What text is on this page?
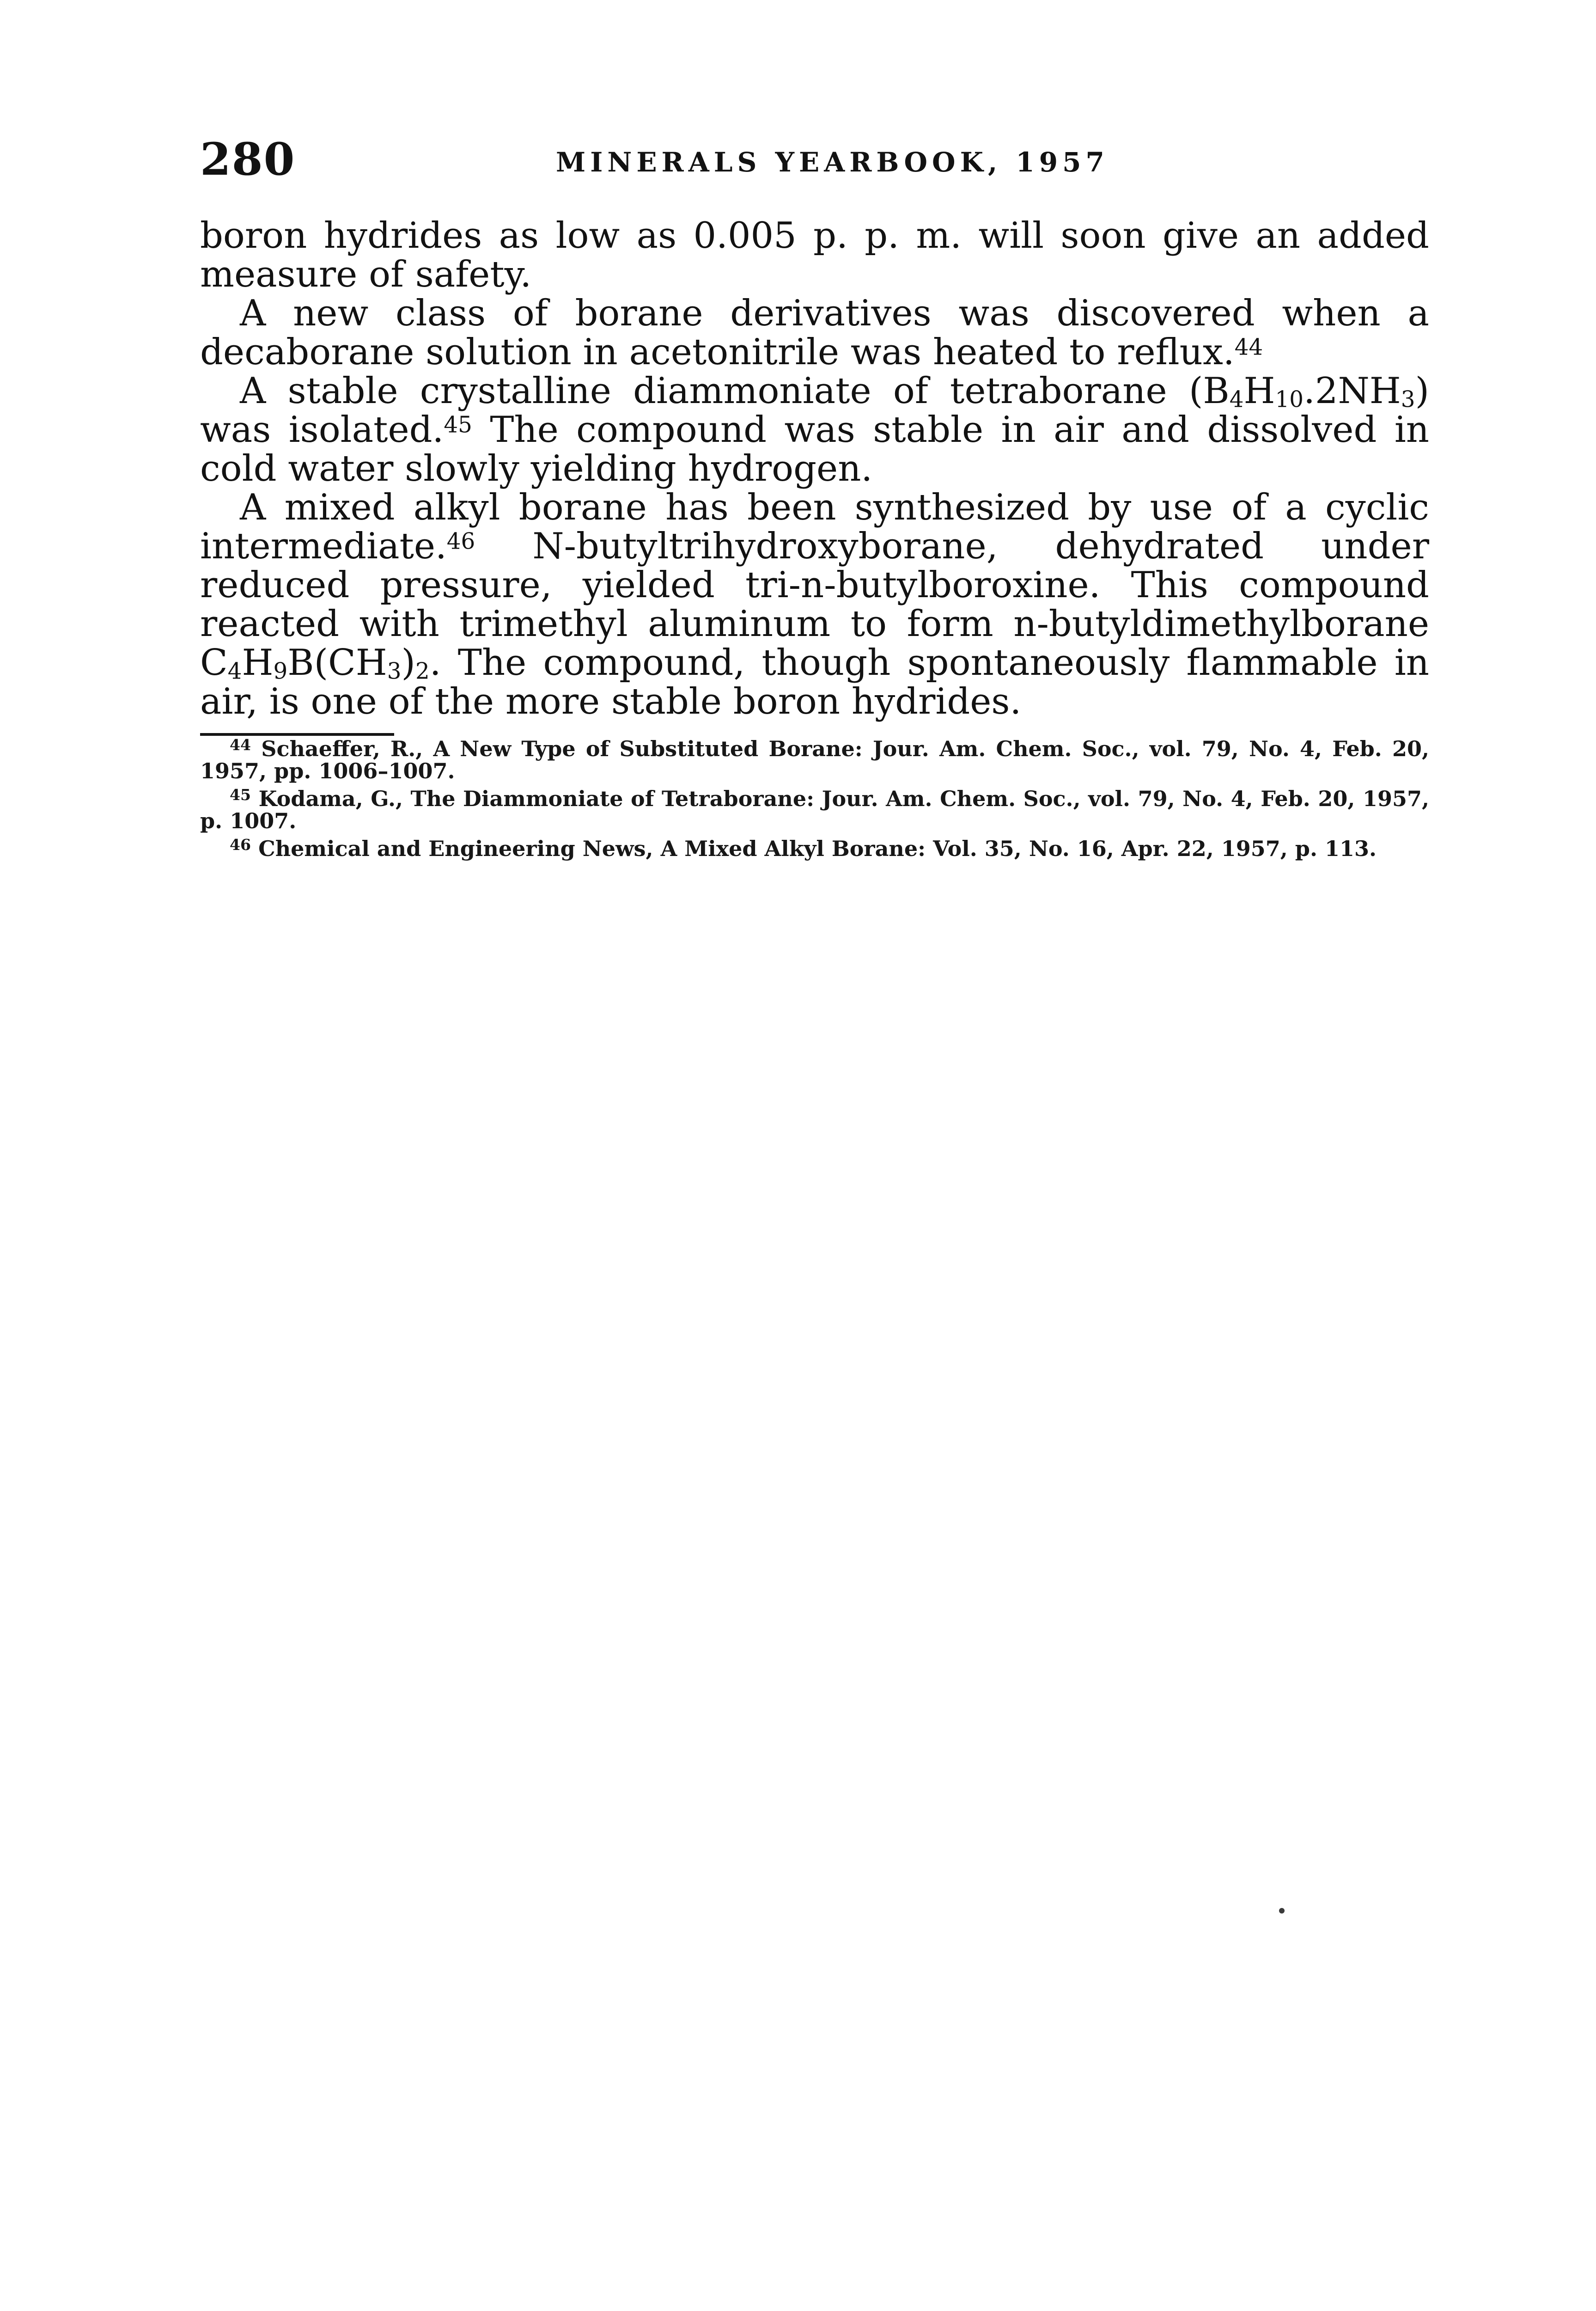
280	MINERALS YEARBOOK, 1957

boron hydrides as low as 0.005 p. p. m. will soon give an added measure of safety.

A new class of borane derivatives was discovered when a decaborane solution in acetonitrile was heated to reflux.$^{44}$

A stable crystalline diammoniate of tetraborane $(B_4H_{10}.2NH_3)$ was isolated.$^{45}$ The compound was stable in air and dissolved in cold water slowly yielding hydrogen.

A mixed alkyl borane has been synthesized by use of a cyclic intermediate.$^{46}$ N-butyltrihydroxyborane, dehydrated under reduced pressure, yielded tri-n-butylboroxine. This compound reacted with trimethyl aluminum to form n-butyldimethylborane $C_4H_9B(CH_3)_2$. The compound, though spontaneously flammable in air, is one of the more stable boron hydrides.

$^{44}$ Schaeffer, R., A New Type of Substituted Borane: Jour. Am. Chem. Soc., vol. 79, No. 4, Feb. 20, 1957, pp. 1006–1007.

$^{45}$ Kodama, G., The Diammoniate of Tetraborane: Jour. Am. Chem. Soc., vol. 79, No. 4, Feb. 20, 1957, p. 1007.

$^{46}$ Chemical and Engineering News, A Mixed Alkyl Borane: Vol. 35, No. 16, Apr. 22, 1957, p. 113.
